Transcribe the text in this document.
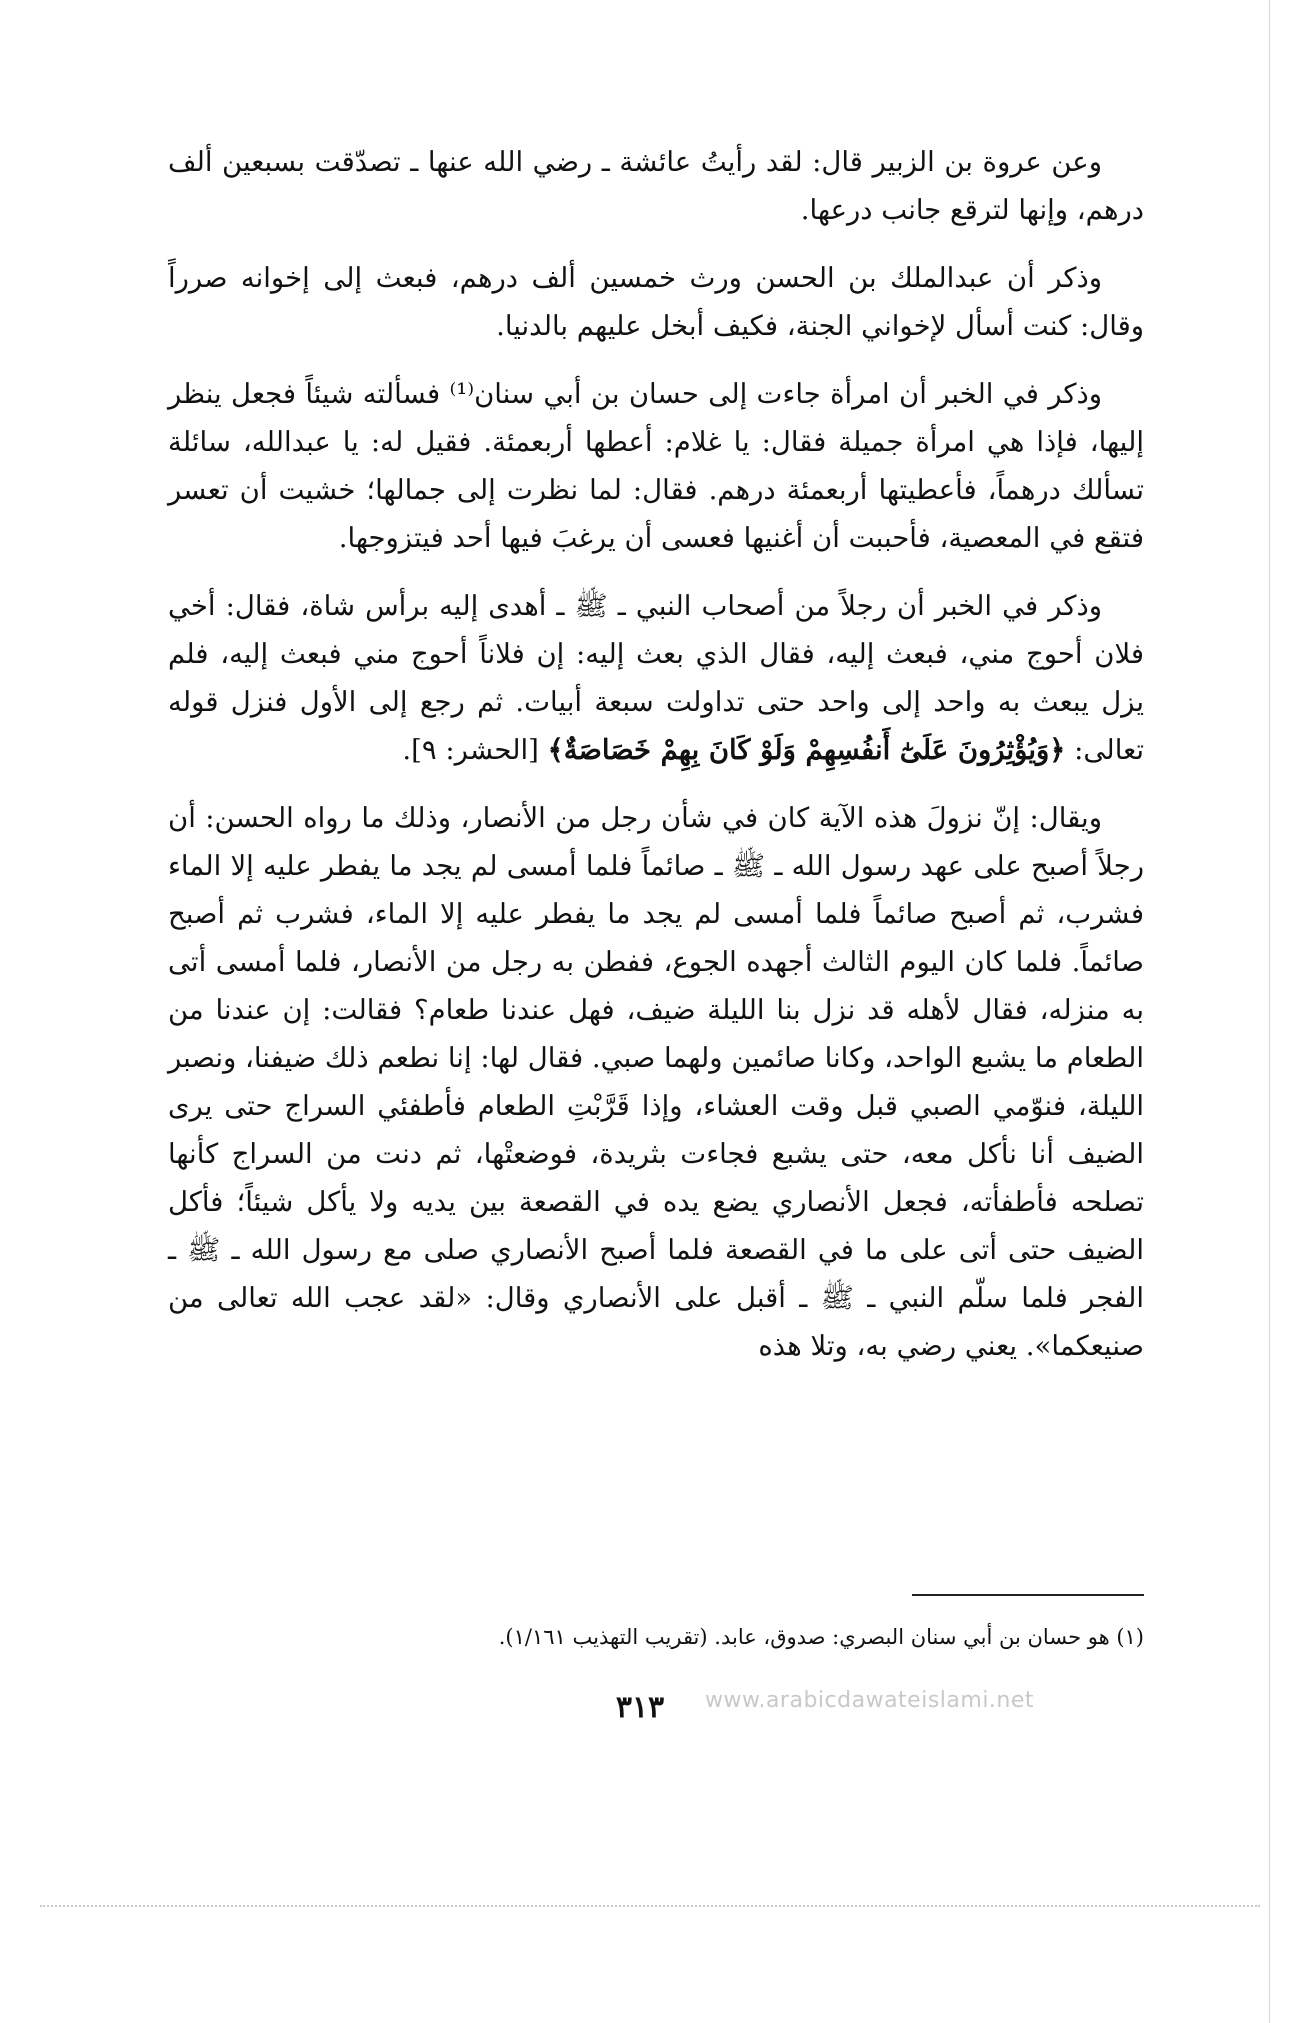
وعن عروة بن الزبير قال: لقد رأيتُ عائشة ـ رضي الله عنها ـ تصدّقت بسبعين ألف درهم، وإنها لترقع جانب درعها.

وذكر أن عبدالملك بن الحسن ورث خمسين ألف درهم، فبعث إلى إخوانه صرراً وقال: كنت أسأل لإخواني الجنة، فكيف أبخل عليهم بالدنيا.

وذكر في الخبر أن امرأة جاءت إلى حسان بن أبي سنان⁽¹⁾ فسألته شيئاً فجعل ينظر إليها، فإذا هي امرأة جميلة فقال: يا غلام: أعطها أربعمئة. فقيل له: يا عبدالله، سائلة تسألك درهماً، فأعطيتها أربعمئة درهم. فقال: لما نظرت إلى جمالها؛ خشيت أن تعسر فتقع في المعصية، فأحببت أن أغنيها فعسى أن يرغبَ فيها أحد فيتزوجها.

وذكر في الخبر أن رجلاً من أصحاب النبي ـ ﷺ ـ أهدى إليه برأس شاة، فقال: أخي فلان أحوج مني، فبعث إليه، فقال الذي بعث إليه: إن فلاناً أحوج مني فبعث إليه، فلم يزل يبعث به واحد إلى واحد حتى تداولت سبعة أبيات. ثم رجع إلى الأول فنزل قوله تعالى: ﴿وَيُؤْثِرُونَ عَلَىٰٓ أَنفُسِهِمْ وَلَوْ كَانَ بِهِمْ خَصَاصَةٌ﴾ [الحشر: ٩].

ويقال: إنّ نزولَ هذه الآية كان في شأن رجل من الأنصار، وذلك ما رواه الحسن: أن رجلاً أصبح على عهد رسول الله ـ ﷺ ـ صائماً فلما أمسى لم يجد ما يفطر عليه إلا الماء فشرب، ثم أصبح صائماً فلما أمسى لم يجد ما يفطر عليه إلا الماء، فشرب ثم أصبح صائماً. فلما كان اليوم الثالث أجهده الجوع، ففطن به رجل من الأنصار، فلما أمسى أتى به منزله، فقال لأهله قد نزل بنا الليلة ضيف، فهل عندنا طعام؟ فقالت: إن عندنا من الطعام ما يشبع الواحد، وكانا صائمين ولهما صبي. فقال لها: إنا نطعم ذلك ضيفنا، ونصبر الليلة، فنوّمي الصبي قبل وقت العشاء، وإذا قَرَّبْتِ الطعام فأطفئي السراج حتى يرى الضيف أنا نأكل معه، حتى يشبع فجاءت بثريدة، فوضعتْها، ثم دنت من السراج كأنها تصلحه فأطفأته، فجعل الأنصاري يضع يده في القصعة بين يديه ولا يأكل شيئاً؛ فأكل الضيف حتى أتى على ما في القصعة فلما أصبح الأنصاري صلى مع رسول الله ـ ﷺ ـ الفجر فلما سلّم النبي ـ ﷺ ـ أقبل على الأنصاري وقال: «لقد عجب الله تعالى من صنيعكما». يعني رضي به، وتلا هذه

(١) هو حسان بن أبي سنان البصري: صدوق، عابد. (تقريب التهذيب ١/١٦١).
٣١٣	www.arabicdawateislami.net
